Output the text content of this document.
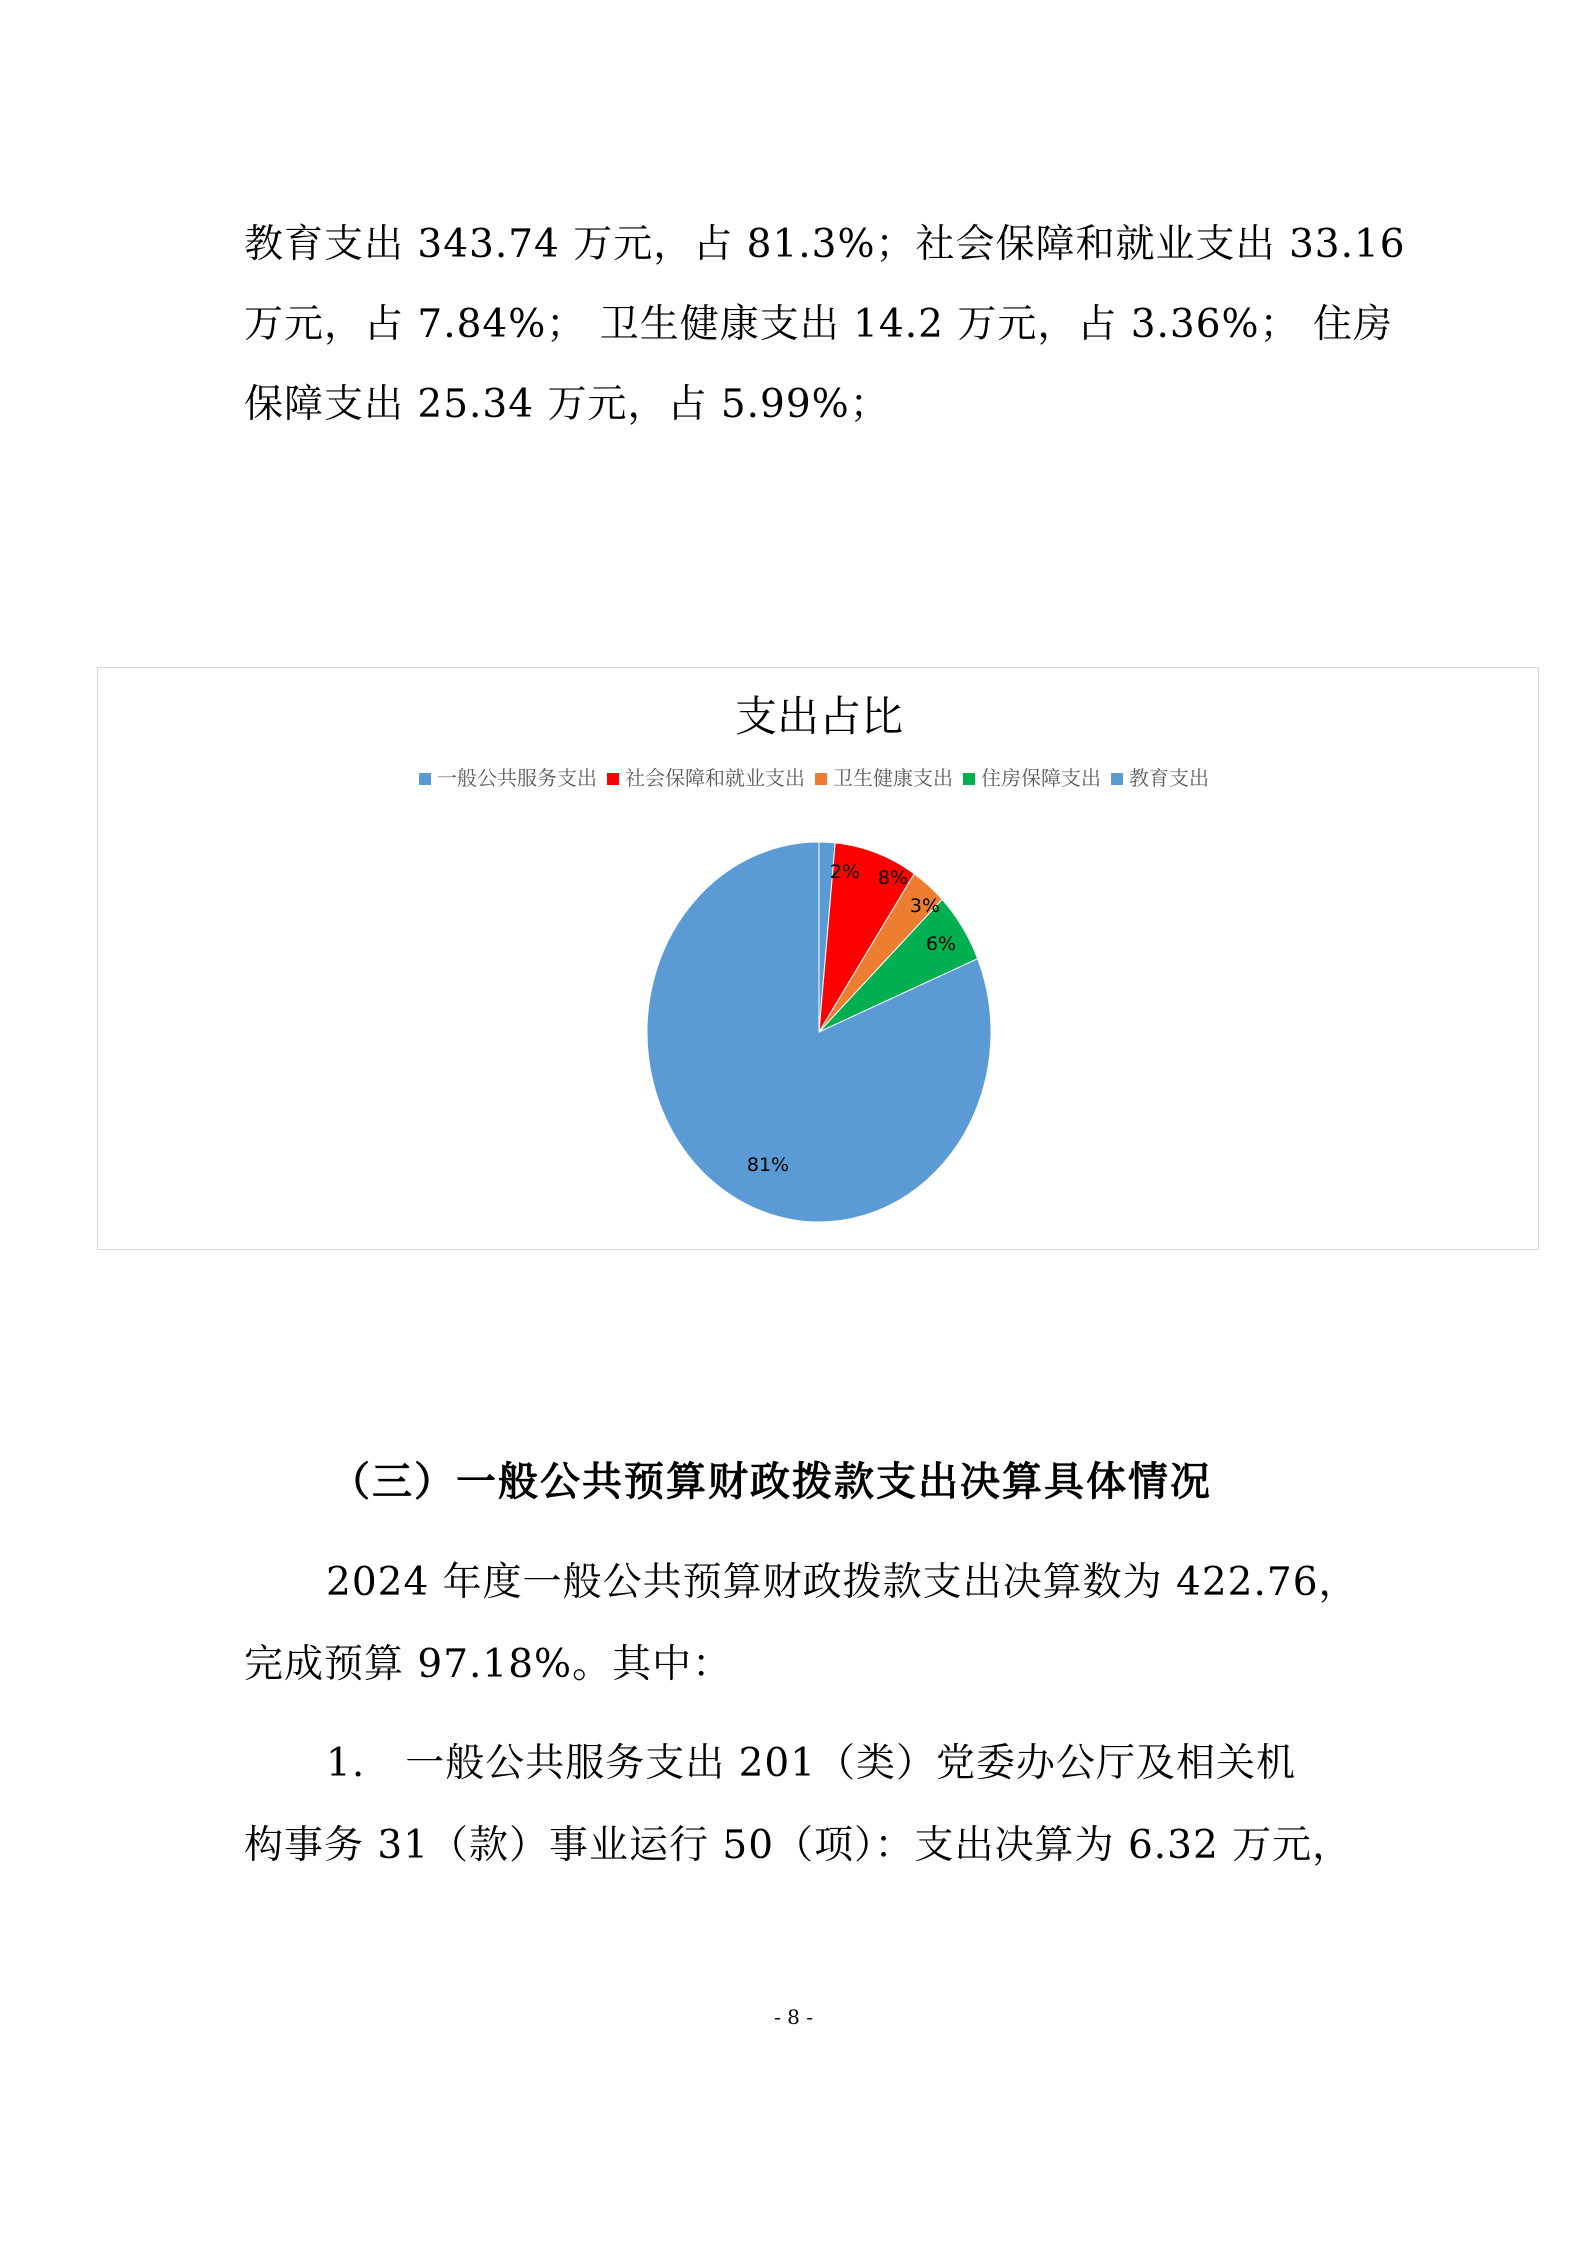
教育支出 343.74 万元，占 81.3%；社会保障和就业支出 33.16
万元，占 7.84%； 卫生健康支出 14.2 万元，占 3.36%； 住房
保障支出 25.34 万元，占 5.99%；
支出占比
一般公共服务支出 社会保障和就业支出 卫生健康支出 住房保障支出 教育支出
2% 8%
3%
6%
81%
（三）一般公共预算财政拨款支出决算具体情况
2024 年度一般公共预算财政拨款支出决算数为 422.76，
完成预算 97.18%。其中：
1.　一般公共服务支出 201（类）党委办公厅及相关机
构事务 31（款）事业运行 50（项）：支出决算为 6.32 万元，
- 8 -
